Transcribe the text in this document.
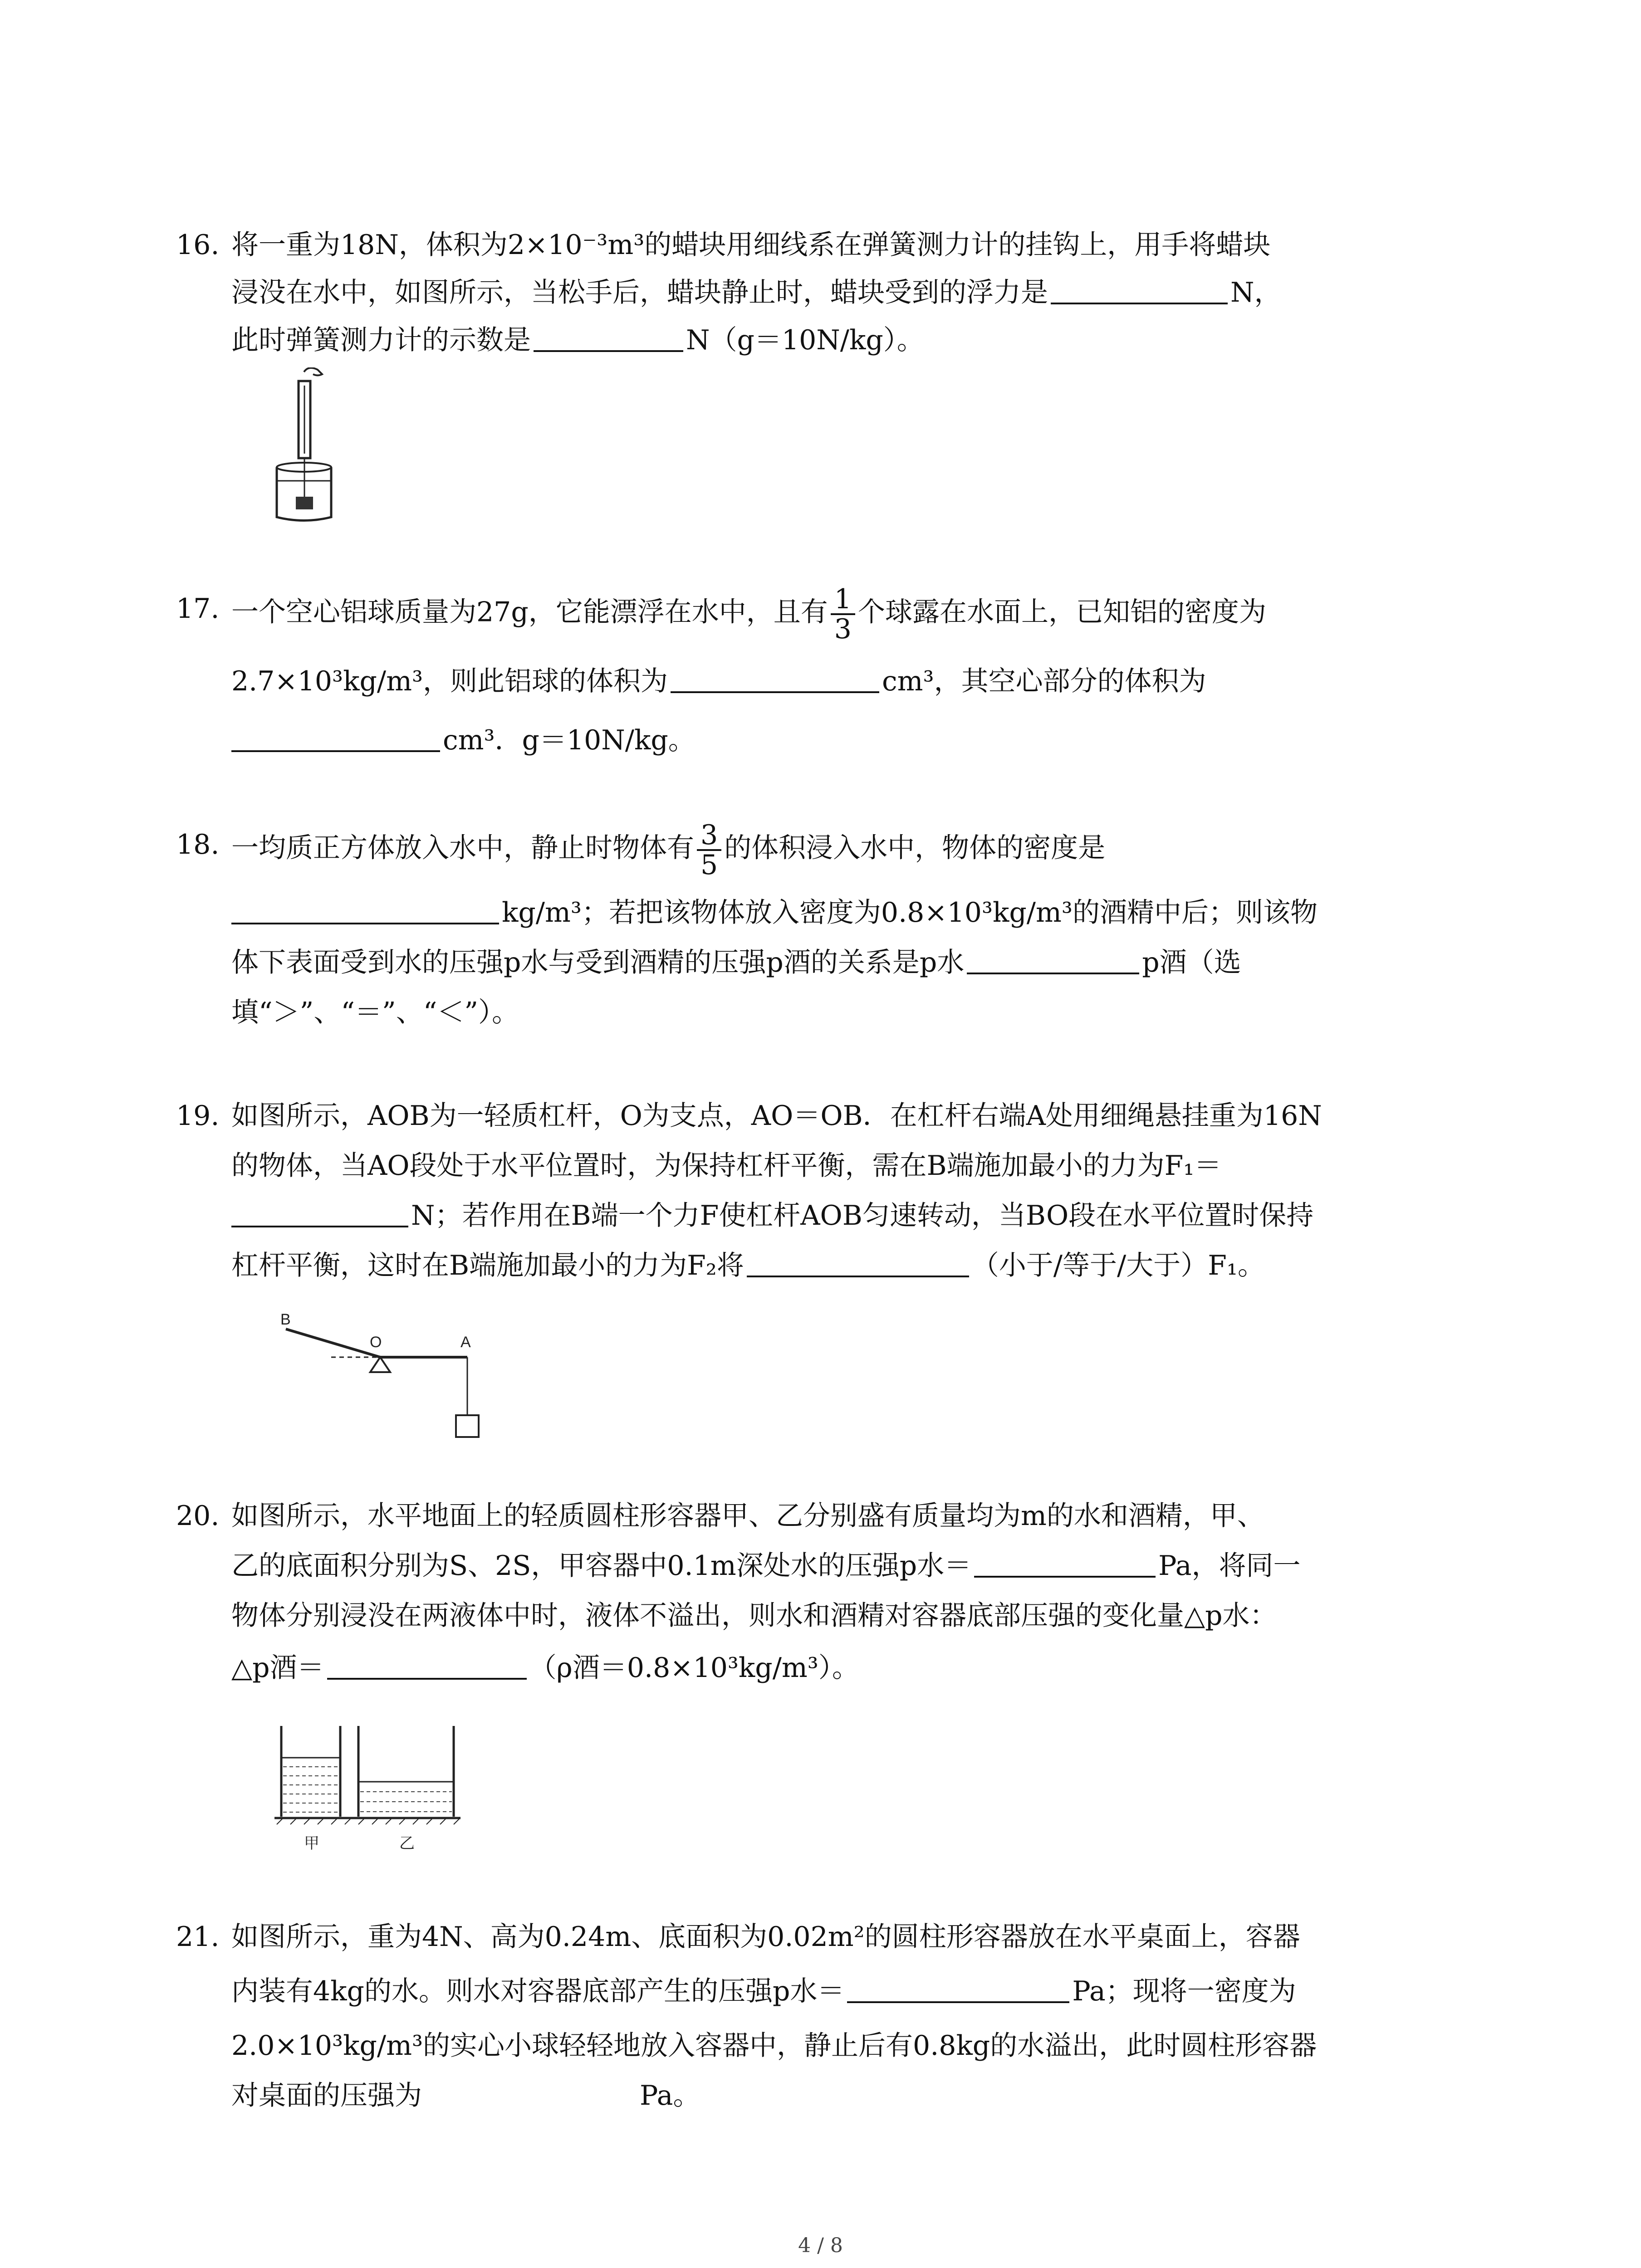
16. 将一重为18N，体积为2×10⁻³m³的蜡块用细线系在弹簧测力计的挂钩上，用手将蜡块
浸没在水中，如图所示，当松手后，蜡块静止时，蜡块受到的浮力是	N，
此时弹簧测力计的示数是	N（g＝10N/kg）。
17. 一个空心铝球质量为27g，它能漂浮在水中，且有 $\frac{1}{3}$ 个球露在水面上，已知铝的密度为
2.7×10³kg/m³，则此铝球的体积为	cm³，其空心部分的体积为
cm³．g＝10N/kg。
18. 一均质正方体放入水中，静止时物体有 $\frac{3}{5}$ 的体积浸入水中，物体的密度是
kg/m³；若把该物体放入密度为0.8×10³kg/m³的酒精中后；则该物
体下表面受到水的压强p水与受到酒精的压强p酒的关系是p水	p酒（选
填“＞”、“＝”、“＜”）。
19. 如图所示，AOB为一轻质杠杆，O为支点，AO＝OB．在杠杆右端A处用细绳悬挂重为16N
的物体，当AO段处于水平位置时，为保持杠杆平衡，需在B端施加最小的力为F₁＝
N；若作用在B端一个力F使杠杆AOB匀速转动，当BO段在水平位置时保持
杠杆平衡，这时在B端施加最小的力为F₂将	（小于/等于/大于）F₁。
B
O	A
20. 如图所示，水平地面上的轻质圆柱形容器甲、乙分别盛有质量均为m的水和酒精，甲、
乙的底面积分别为S、2S，甲容器中0.1m深处水的压强p水＝	Pa，将同一
物体分别浸没在两液体中时，液体不溢出，则水和酒精对容器底部压强的变化量△p水：
△p酒＝	（ρ酒＝0.8×10³kg/m³）。
甲	乙
21. 如图所示，重为4N、高为0.24m、底面积为0.02m²的圆柱形容器放在水平桌面上，容器
内装有4kg的水。则水对容器底部产生的压强p水＝	Pa；现将一密度为
2.0×10³kg/m³的实心小球轻轻地放入容器中，静止后有0.8kg的水溢出，此时圆柱形容器
对桌面的压强为	Pa。
4 / 8
